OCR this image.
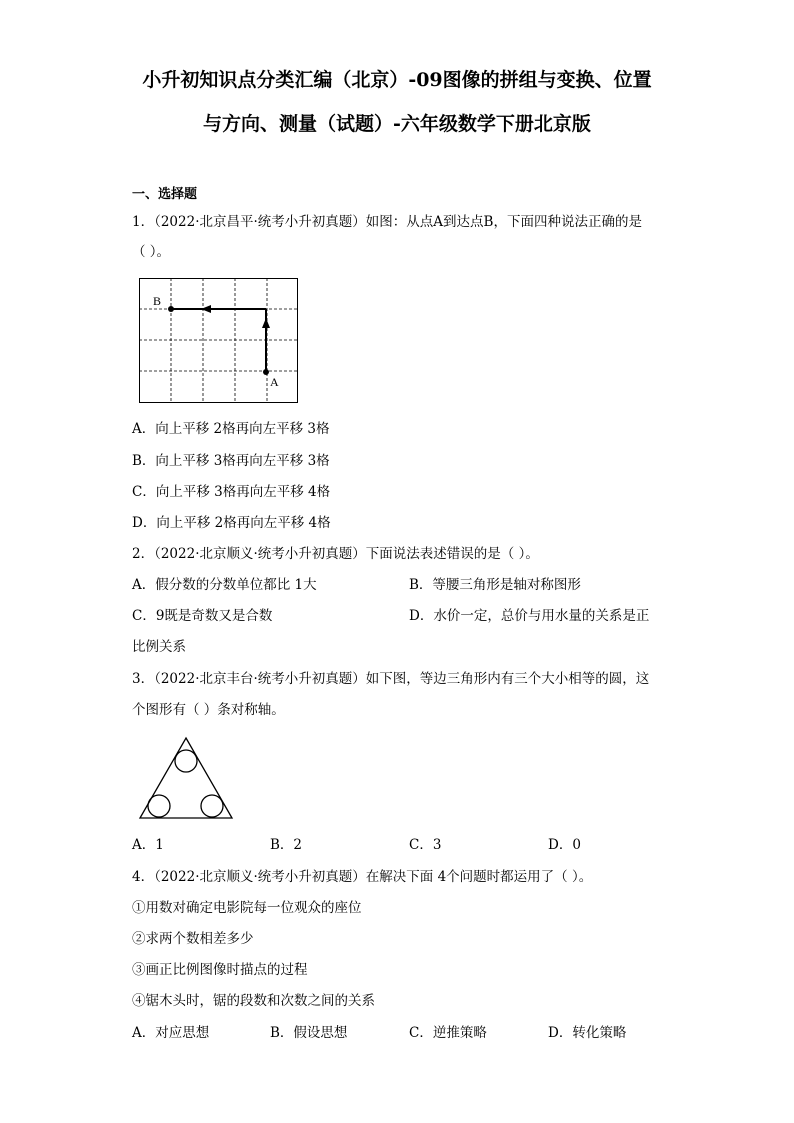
小升初知识点分类汇编（北京）-09图像的拼组与变换、位置
与方向、测量（试题）-六年级数学下册北京版
一、选择题
1．（2022·北京昌平·统考小升初真题）如图：从点A到达点B，下面四种说法正确的是
（ ）。
B
A
A．向上平移 2格再向左平移 3格
B．向上平移 3格再向左平移 3格
C．向上平移 3格再向左平移 4格
D．向上平移 2格再向左平移 4格
2．（2022·北京顺义·统考小升初真题）下面说法表述错误的是（ ）。
A．假分数的分数单位都比 1大	B．等腰三角形是轴对称图形
C．9既是奇数又是合数	D．水价一定，总价与用水量的关系是正
比例关系
3．（2022·北京丰台·统考小升初真题）如下图，等边三角形内有三个大小相等的圆，这
个图形有（ ）条对称轴。
A．1	B．2	C．3	D．0
4．（2022·北京顺义·统考小升初真题）在解决下面 4个问题时都运用了（ ）。
①用数对确定电影院每一位观众的座位
②求两个数相差多少
③画正比例图像时描点的过程
④锯木头时，锯的段数和次数之间的关系
A．对应思想	B．假设思想	C．逆推策略	D．转化策略
